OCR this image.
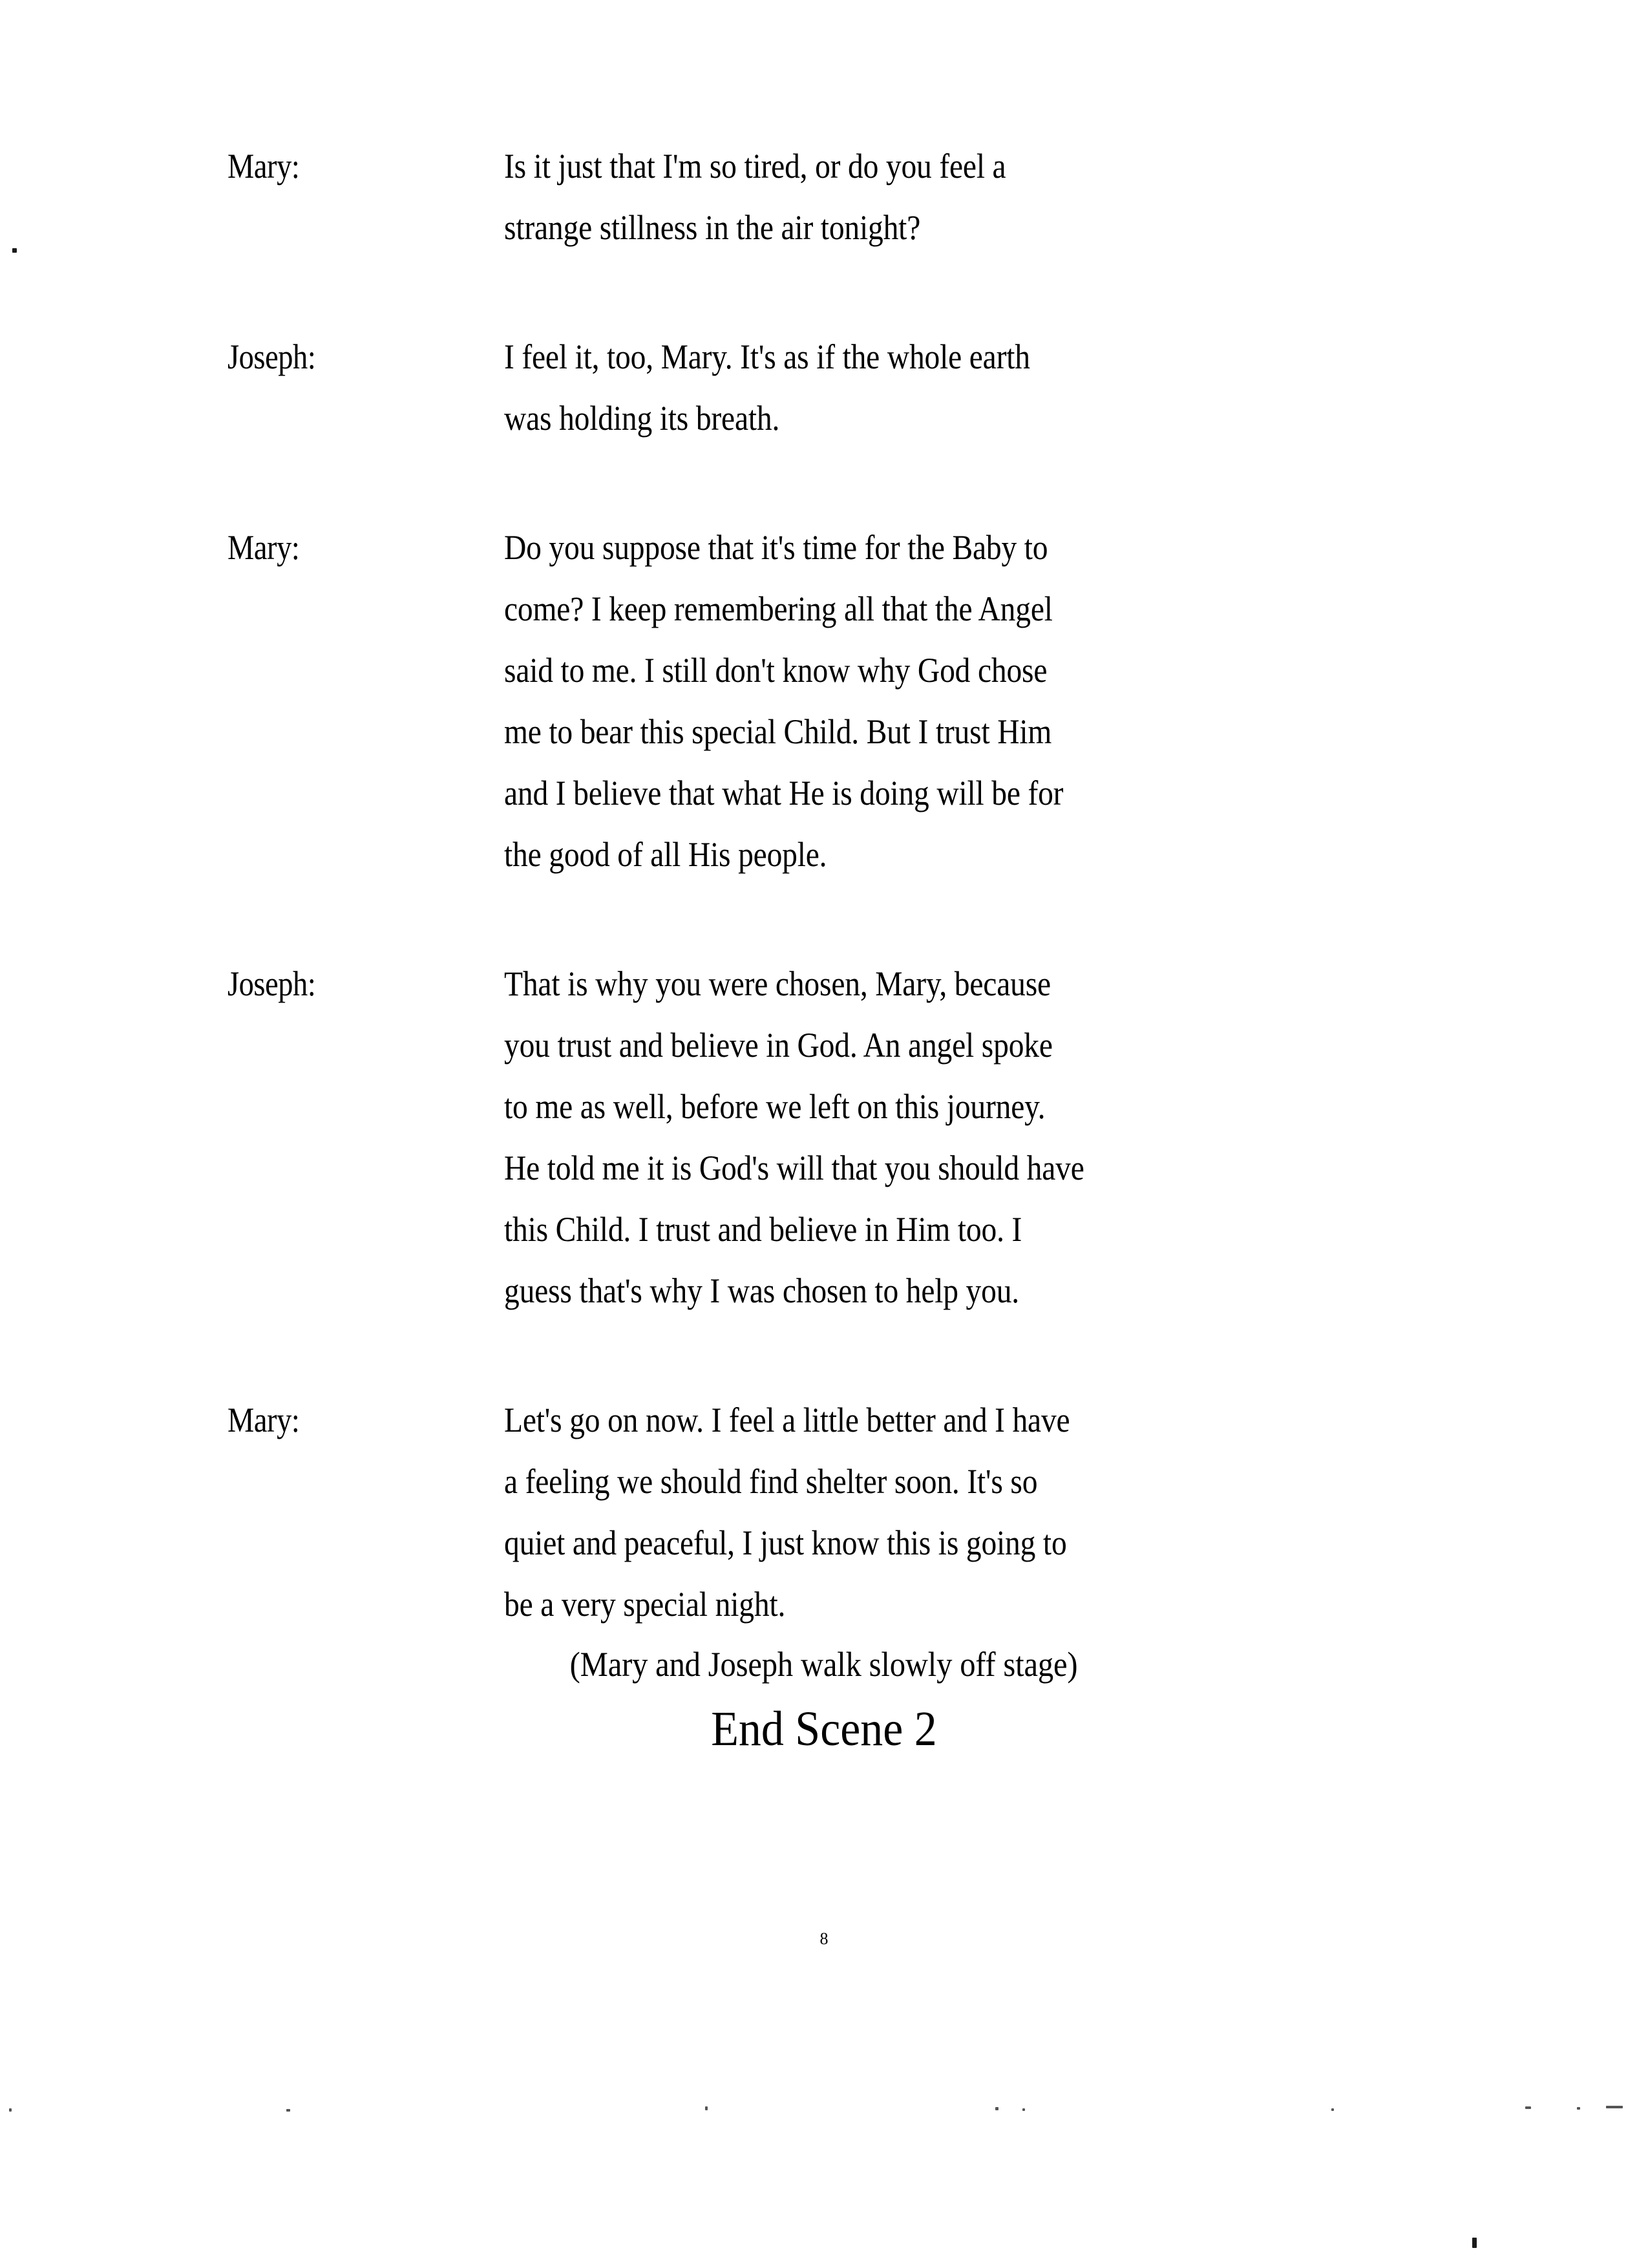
Mary:	Is it just that I'm so tired, or do you feel a
strange stillness in the air tonight?
Joseph:	I feel it, too, Mary. It's as if the whole earth
was holding its breath.
Mary:	Do you suppose that it's time for the Baby to
come? I keep remembering all that the Angel
said to me. I still don't know why God chose
me to bear this special Child. But I trust Him
and I believe that what He is doing will be for
the good of all His people.
Joseph:	That is why you were chosen, Mary, because
you trust and believe in God. An angel spoke
to me as well, before we left on this journey.
He told me it is God's will that you should have
this Child. I trust and believe in Him too. I
guess that's why I was chosen to help you.
Mary:	Let's go on now. I feel a little better and I have
a feeling we should find shelter soon. It's so
quiet and peaceful, I just know this is going to
be a very special night.
(Mary and Joseph walk slowly off stage)
End Scene 2
8
